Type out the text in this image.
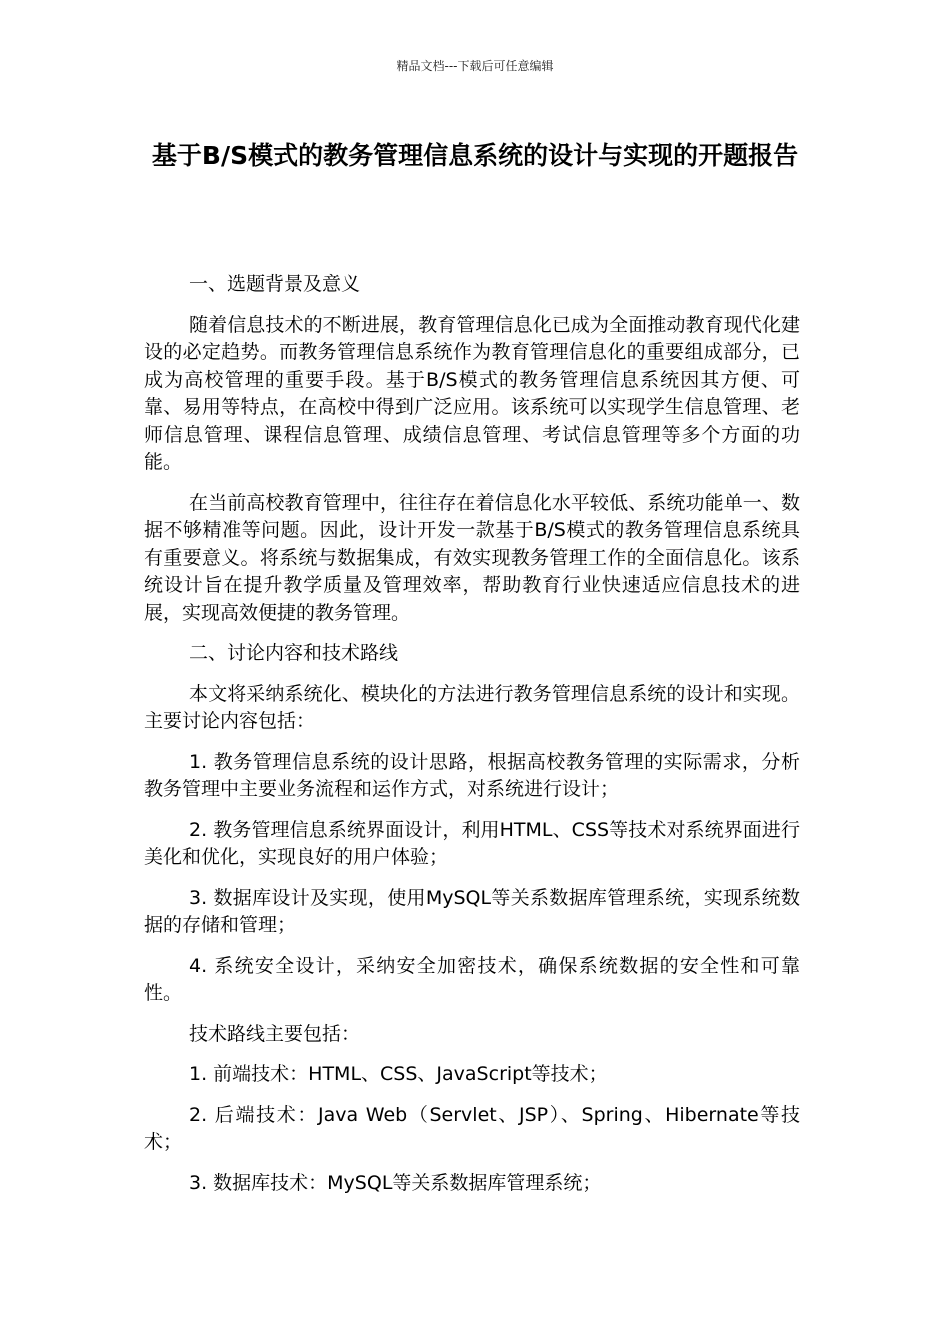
精品文档---下载后可任意编辑
基于B/S模式的教务管理信息系统的设计与实现的开题报告

一、选题背景及意义

随着信息技术的不断进展，教育管理信息化已成为全面推动教育现代化建设的必定趋势。而教务管理信息系统作为教育管理信息化的重要组成部分，已成为高校管理的重要手段。基于B/S模式的教务管理信息系统因其方便、可靠、易用等特点，在高校中得到广泛应用。该系统可以实现学生信息管理、老师信息管理、课程信息管理、成绩信息管理、考试信息管理等多个方面的功能。

在当前高校教育管理中，往往存在着信息化水平较低、系统功能单一、数据不够精准等问题。因此，设计开发一款基于B/S模式的教务管理信息系统具有重要意义。将系统与数据集成，有效实现教务管理工作的全面信息化。该系统设计旨在提升教学质量及管理效率，帮助教育行业快速适应信息技术的进展，实现高效便捷的教务管理。

二、讨论内容和技术路线

本文将采纳系统化、模块化的方法进行教务管理信息系统的设计和实现。主要讨论内容包括：

1. 教务管理信息系统的设计思路，根据高校教务管理的实际需求，分析教务管理中主要业务流程和运作方式，对系统进行设计；

2. 教务管理信息系统界面设计，利用HTML、CSS等技术对系统界面进行美化和优化，实现良好的用户体验；

3. 数据库设计及实现，使用MySQL等关系数据库管理系统，实现系统数据的存储和管理；

4. 系统安全设计，采纳安全加密技术，确保系统数据的安全性和可靠性。

技术路线主要包括：

1. 前端技术：HTML、CSS、JavaScript等技术；

2. 后端技术：Java Web（Servlet、JSP）、Spring、Hibernate等技术；

3. 数据库技术：MySQL等关系数据库管理系统；
